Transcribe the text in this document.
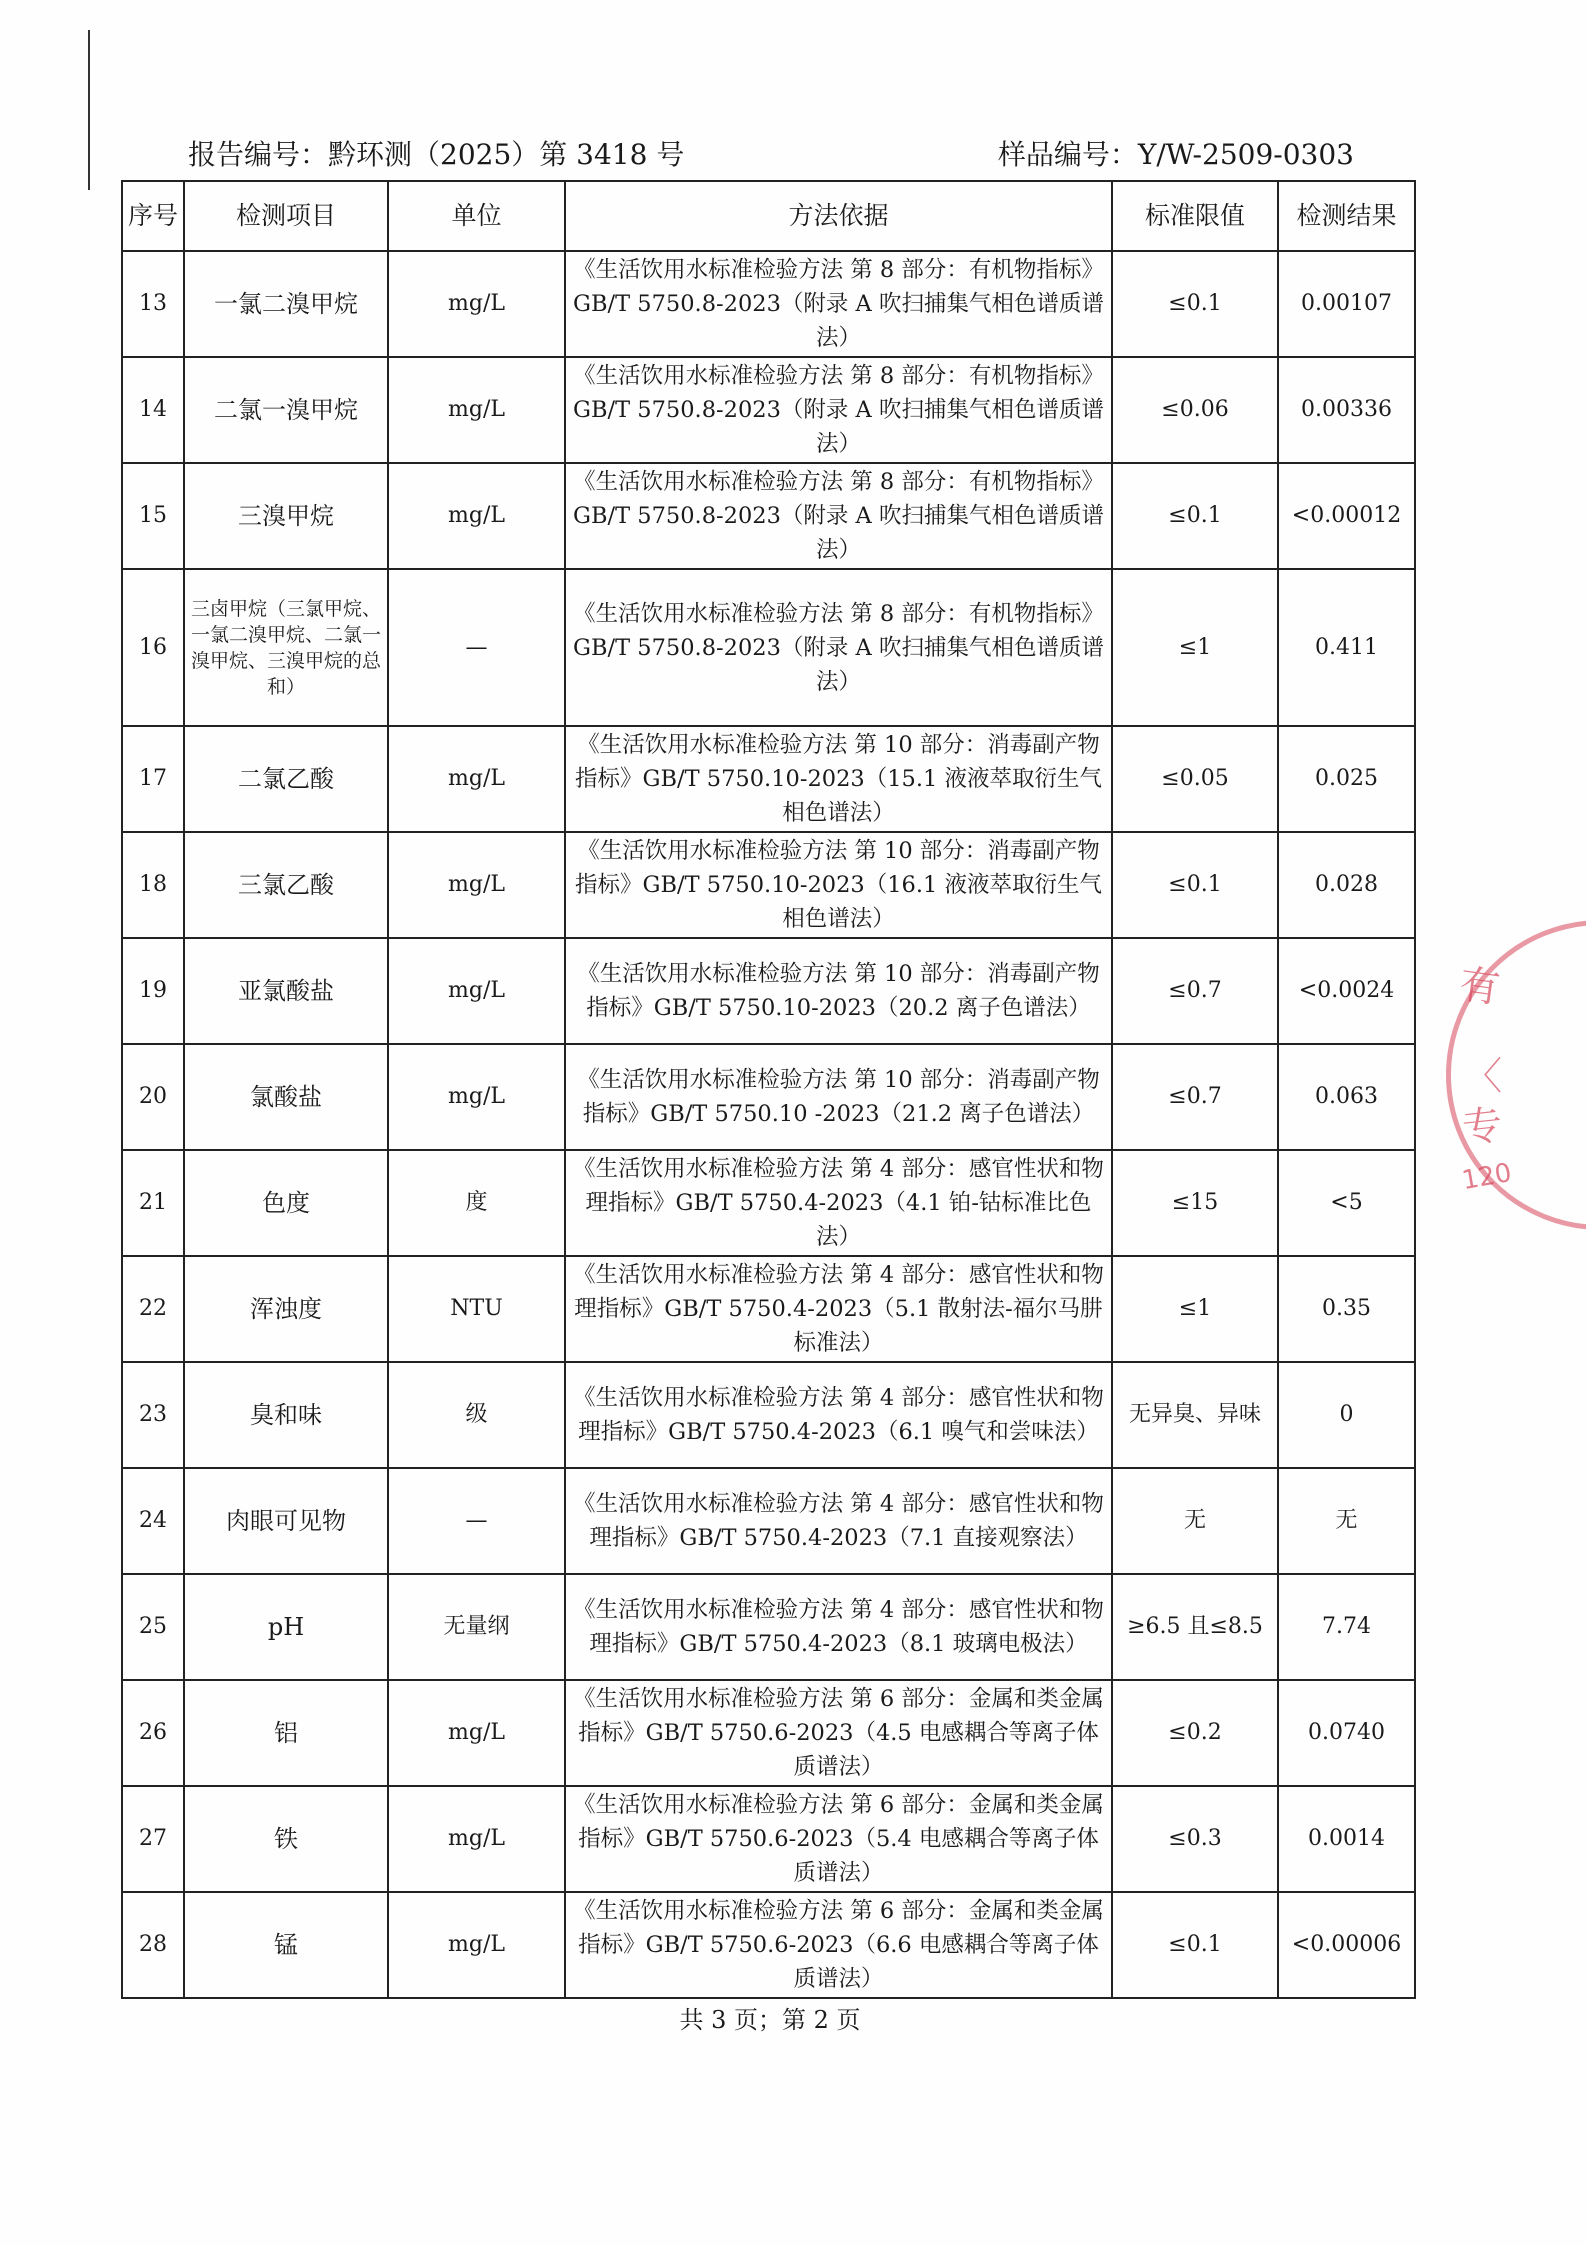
报告编号：黔环测（2025）第 3418 号	样品编号：Y/W-2509-0303
序号	检测项目	单位	方法依据	标准限值	检测结果
13	一氯二溴甲烷	mg/L	《生活饮用水标准检验方法 第 8 部分：有机物指标》GB/T 5750.8-2023（附录 A 吹扫捕集气相色谱质谱法）	≤0.1	0.00107
14	二氯一溴甲烷	mg/L	《生活饮用水标准检验方法 第 8 部分：有机物指标》GB/T 5750.8-2023（附录 A 吹扫捕集气相色谱质谱法）	≤0.06	0.00336
15	三溴甲烷	mg/L	《生活饮用水标准检验方法 第 8 部分：有机物指标》GB/T 5750.8-2023（附录 A 吹扫捕集气相色谱质谱法）	≤0.1	<0.00012
16	三卤甲烷（三氯甲烷、一氯二溴甲烷、二氯一溴甲烷、三溴甲烷的总和）	—	《生活饮用水标准检验方法 第 8 部分：有机物指标》GB/T 5750.8-2023（附录 A 吹扫捕集气相色谱质谱法）	≤1	0.411
17	二氯乙酸	mg/L	《生活饮用水标准检验方法 第 10 部分：消毒副产物指标》GB/T 5750.10-2023（15.1 液液萃取衍生气相色谱法）	≤0.05	0.025
18	三氯乙酸	mg/L	《生活饮用水标准检验方法 第 10 部分：消毒副产物指标》GB/T 5750.10-2023（16.1 液液萃取衍生气相色谱法）	≤0.1	0.028
19	亚氯酸盐	mg/L	《生活饮用水标准检验方法 第 10 部分：消毒副产物指标》GB/T 5750.10-2023（20.2 离子色谱法）	≤0.7	<0.0024
20	氯酸盐	mg/L	《生活饮用水标准检验方法 第 10 部分：消毒副产物指标》GB/T 5750.10 -2023（21.2 离子色谱法）	≤0.7	0.063
21	色度	度	《生活饮用水标准检验方法 第 4 部分：感官性状和物理指标》GB/T 5750.4-2023（4.1 铂-钴标准比色法）	≤15	<5
22	浑浊度	NTU	《生活饮用水标准检验方法 第 4 部分：感官性状和物理指标》GB/T 5750.4-2023（5.1 散射法-福尔马肼标准法）	≤1	0.35
23	臭和味	级	《生活饮用水标准检验方法 第 4 部分：感官性状和物理指标》GB/T 5750.4-2023（6.1 嗅气和尝味法）	无异臭、异味	0
24	肉眼可见物	—	《生活饮用水标准检验方法 第 4 部分：感官性状和物理指标》GB/T 5750.4-2023（7.1 直接观察法）	无	无
25	pH	无量纲	《生活饮用水标准检验方法 第 4 部分：感官性状和物理指标》GB/T 5750.4-2023（8.1 玻璃电极法）	≥6.5 且≤8.5	7.74
26	铝	mg/L	《生活饮用水标准检验方法 第 6 部分：金属和类金属指标》GB/T 5750.6-2023（4.5 电感耦合等离子体质谱法）	≤0.2	0.0740
27	铁	mg/L	《生活饮用水标准检验方法 第 6 部分：金属和类金属指标》GB/T 5750.6-2023（5.4 电感耦合等离子体质谱法）	≤0.3	0.0014
28	锰	mg/L	《生活饮用水标准检验方法 第 6 部分：金属和类金属指标》GB/T 5750.6-2023（6.6 电感耦合等离子体质谱法）	≤0.1	<0.00006
共 3 页；第 2 页
有
〈
专
120
